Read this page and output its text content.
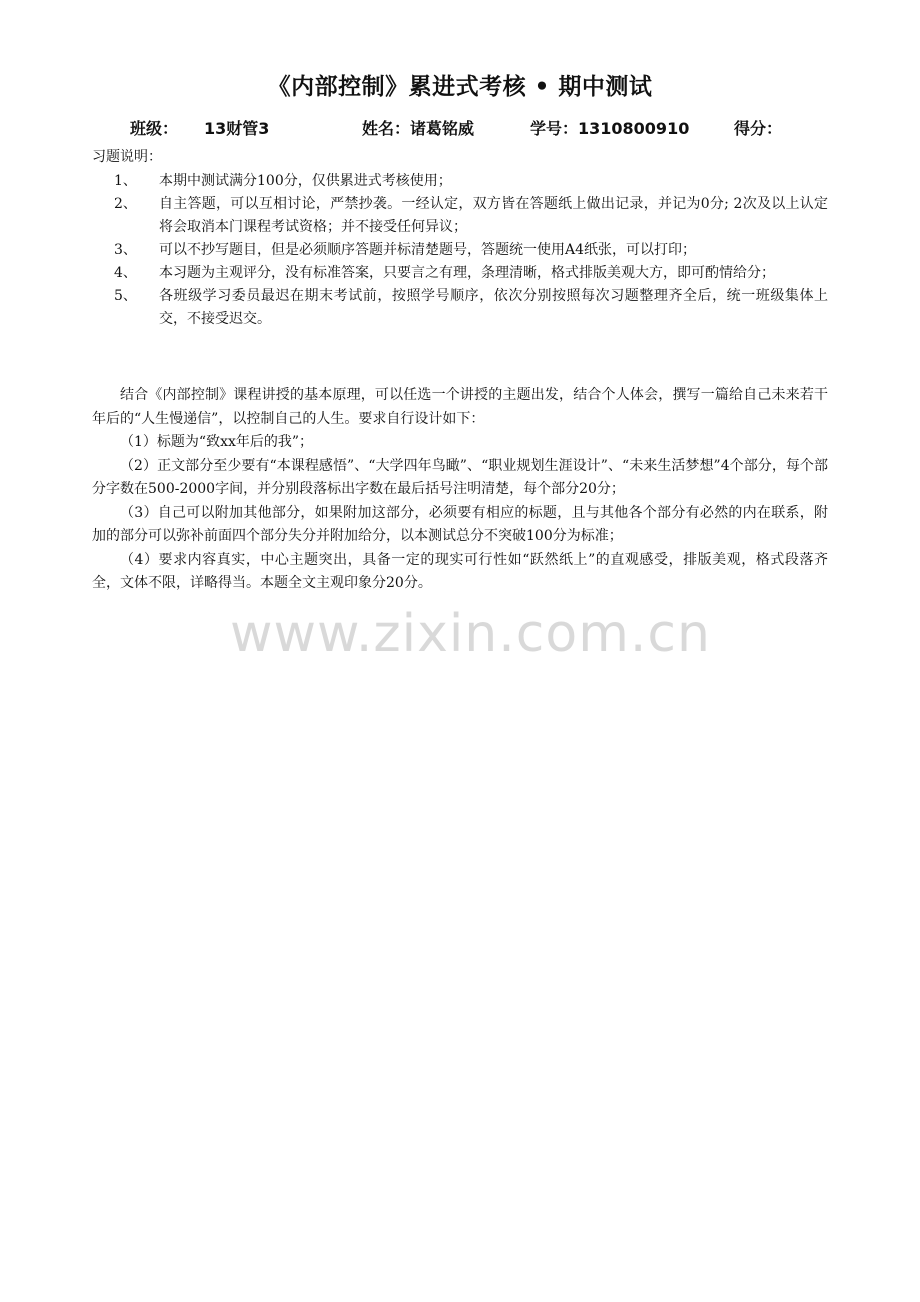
《内部控制》累进式考核 • 期中测试
班级： 13财管3	姓名：诸葛铭威	学号：1310800910	得分：
习题说明：
1、	本期中测试满分100分，仅供累进式考核使用；
2、	自主答题，可以互相讨论，严禁抄袭。一经认定，双方皆在答题纸上做出记录，并记为0分; 2次及以上认定将会取消本门课程考试资格；并不接受任何异议；
3、	可以不抄写题目，但是必须顺序答题并标清楚题号，答题统一使用A4纸张，可以打印；
4、	本习题为主观评分，没有标准答案，只要言之有理，条理清晰，格式排版美观大方，即可酌情给分；
5、	各班级学习委员最迟在期末考试前，按照学号顺序，依次分别按照每次习题整理齐全后，统一班级集体上交，不接受迟交。

结合《内部控制》课程讲授的基本原理，可以任选一个讲授的主题出发，结合个人体会，撰写一篇给自己未来若干年后的“人生慢递信”，以控制自己的人生。要求自行设计如下：

（1）标题为“致xx年后的我”；

（2）正文部分至少要有“本课程感悟”、“大学四年鸟瞰”、“职业规划生涯设计”、“未来生活梦想”4个部分，每个部分字数在500-2000字间，并分别段落标出字数在最后括号注明清楚，每个部分20分；

（3）自己可以附加其他部分，如果附加这部分，必须要有相应的标题，且与其他各个部分有必然的内在联系，附加的部分可以弥补前面四个部分失分并附加给分，以本测试总分不突破100分为标准；

（4）要求内容真实，中心主题突出，具备一定的现实可行性如“跃然纸上”的直观感受，排版美观，格式段落齐全，文体不限，详略得当。本题全文主观印象分20分。

www.zixin.com.cn
